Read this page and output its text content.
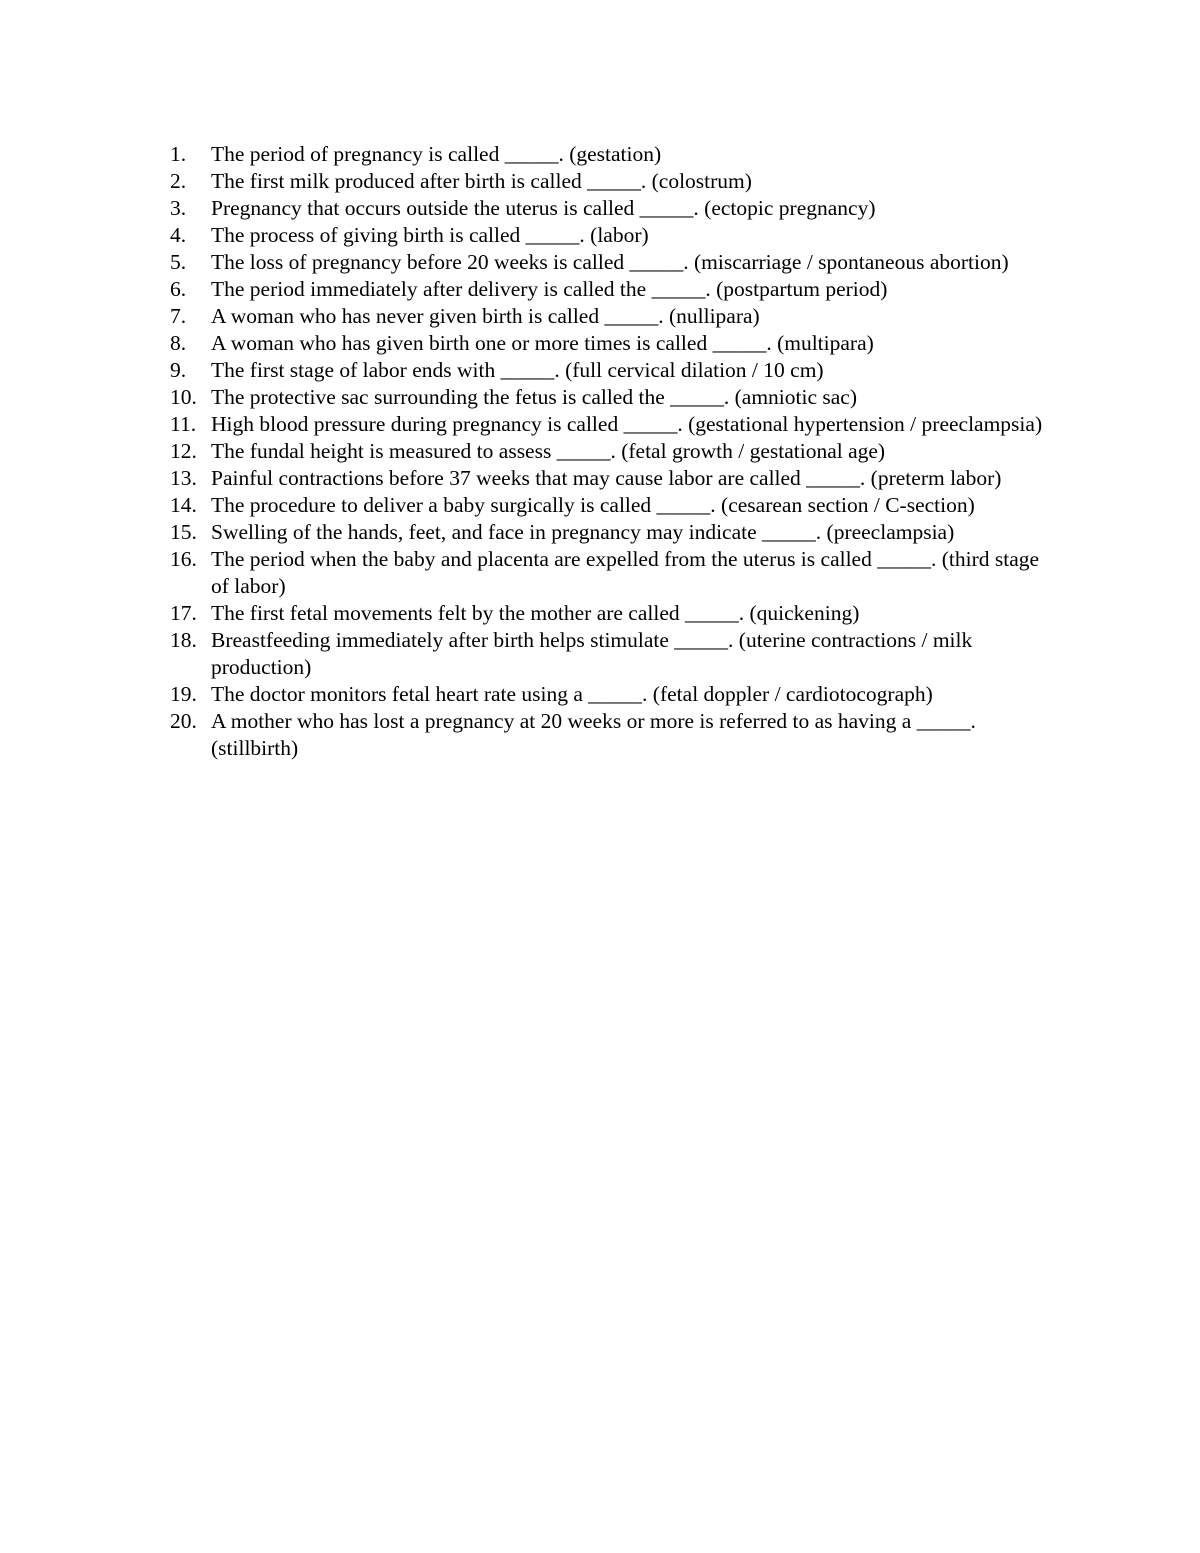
1.	The period of pregnancy is called _____. (gestation)
2.	The first milk produced after birth is called _____. (colostrum)
3.	Pregnancy that occurs outside the uterus is called _____. (ectopic pregnancy)
4.	The process of giving birth is called _____. (labor)
5.	The loss of pregnancy before 20 weeks is called _____. (miscarriage / spontaneous abortion)
6.	The period immediately after delivery is called the _____. (postpartum period)
7.	A woman who has never given birth is called _____. (nullipara)
8.	A woman who has given birth one or more times is called _____. (multipara)
9.	The first stage of labor ends with _____. (full cervical dilation / 10 cm)
10. The protective sac surrounding the fetus is called the _____. (amniotic sac)
11. High blood pressure during pregnancy is called _____. (gestational hypertension / preeclampsia)
12. The fundal height is measured to assess _____. (fetal growth / gestational age)
13. Painful contractions before 37 weeks that may cause labor are called _____. (preterm labor)
14. The procedure to deliver a baby surgically is called _____. (cesarean section / C-section)
15. Swelling of the hands, feet, and face in pregnancy may indicate _____. (preeclampsia)
16. The period when the baby and placenta are expelled from the uterus is called _____. (third stage of labor)
17. The first fetal movements felt by the mother are called _____. (quickening)
18. Breastfeeding immediately after birth helps stimulate _____. (uterine contractions / milk production)
19. The doctor monitors fetal heart rate using a _____. (fetal doppler / cardiotocograph)
20. A mother who has lost a pregnancy at 20 weeks or more is referred to as having a _____. (stillbirth)
